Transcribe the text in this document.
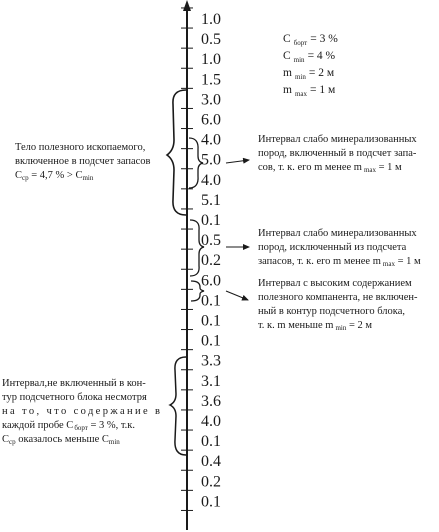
1.0
0.5
1.0
1.5
3.0
6.0
4.0
5.0
4.0
5.1
0.1
0.5
0.2
6.0
0.1
0.1
0.1
3.3
3.1
3.6
4.0
0.1
0.4
0.2
0.1
C $_{борт}$ = 3 %
C $_{min}$ = 4 %
m $_{min}$ = 2 м
m $_{max}$ = 1 м
Тело полезного ископаемого,
включенное в подсчет запасов
Cср = 4,7 % > Cmin
Интервал слабо минерализованных
пород, включенный в подсчет запа-
сов, т. к. его m менее m max = 1 м
Интервал слабо минерализованных
пород, исключенный из подсчета
запасов, т. к. его m менее m max = 1 м
Интервал с высоким содержанием
полезного компанента, не включен-
ный в контур подсчетного блока,
т. к. m меньше m min = 2 м
Интервал,не включенный в кон-
тур подсчетного блока несмотря
на то, что содержание в
каждой пробе Cборт = 3 %, т.к.
Cср оказалось меньше Cmin
